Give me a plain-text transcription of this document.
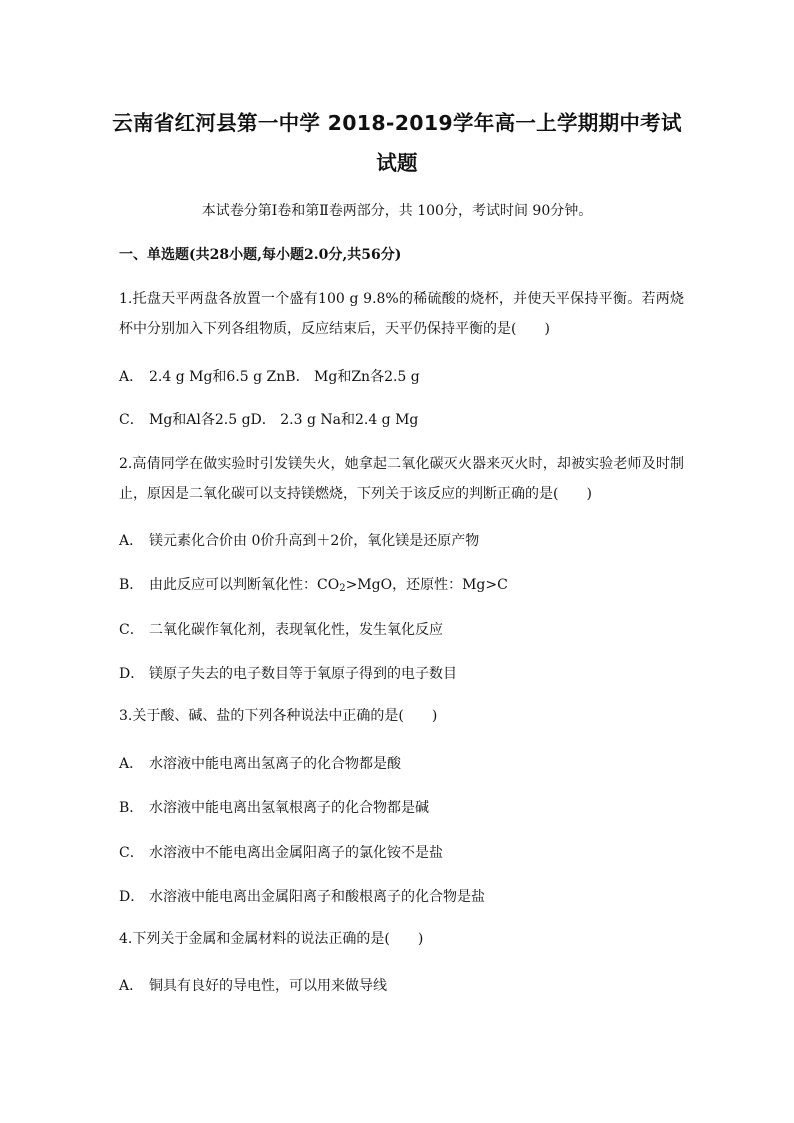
云南省红河县第一中学 2018-2019学年高一上学期期中考试
试题
本试卷分第Ⅰ卷和第Ⅱ卷两部分，共 100分，考试时间 90分钟。
一、单选题(共28小题,每小题2.0分,共56分)
1.托盘天平两盘各放置一个盛有100 g 9.8%的稀硫酸的烧杯，并使天平保持平衡。若两烧杯中分别加入下列各组物质，反应结束后，天平仍保持平衡的是(　　)
A． 2.4 g Mg和6.5 g ZnB． Mg和Zn各2.5 g
C． Mg和Al各2.5 gD． 2.3 g Na和2.4 g Mg
2.高倩同学在做实验时引发镁失火，她拿起二氧化碳灭火器来灭火时，却被实验老师及时制止，原因是二氧化碳可以支持镁燃烧，下列关于该反应的判断正确的是(　　)
A． 镁元素化合价由 0价升高到＋2价，氧化镁是还原产物
B． 由此反应可以判断氧化性：$CO_2>MgO$，还原性：Mg>C
C． 二氧化碳作氧化剂，表现氧化性，发生氧化反应
D． 镁原子失去的电子数目等于氧原子得到的电子数目
3.关于酸、碱、盐的下列各种说法中正确的是(　　)
A． 水溶液中能电离出氢离子的化合物都是酸
B． 水溶液中能电离出氢氧根离子的化合物都是碱
C． 水溶液中不能电离出金属阳离子的氯化铵不是盐
D． 水溶液中能电离出金属阳离子和酸根离子的化合物是盐
4.下列关于金属和金属材料的说法正确的是(　　)
A． 铜具有良好的导电性，可以用来做导线
